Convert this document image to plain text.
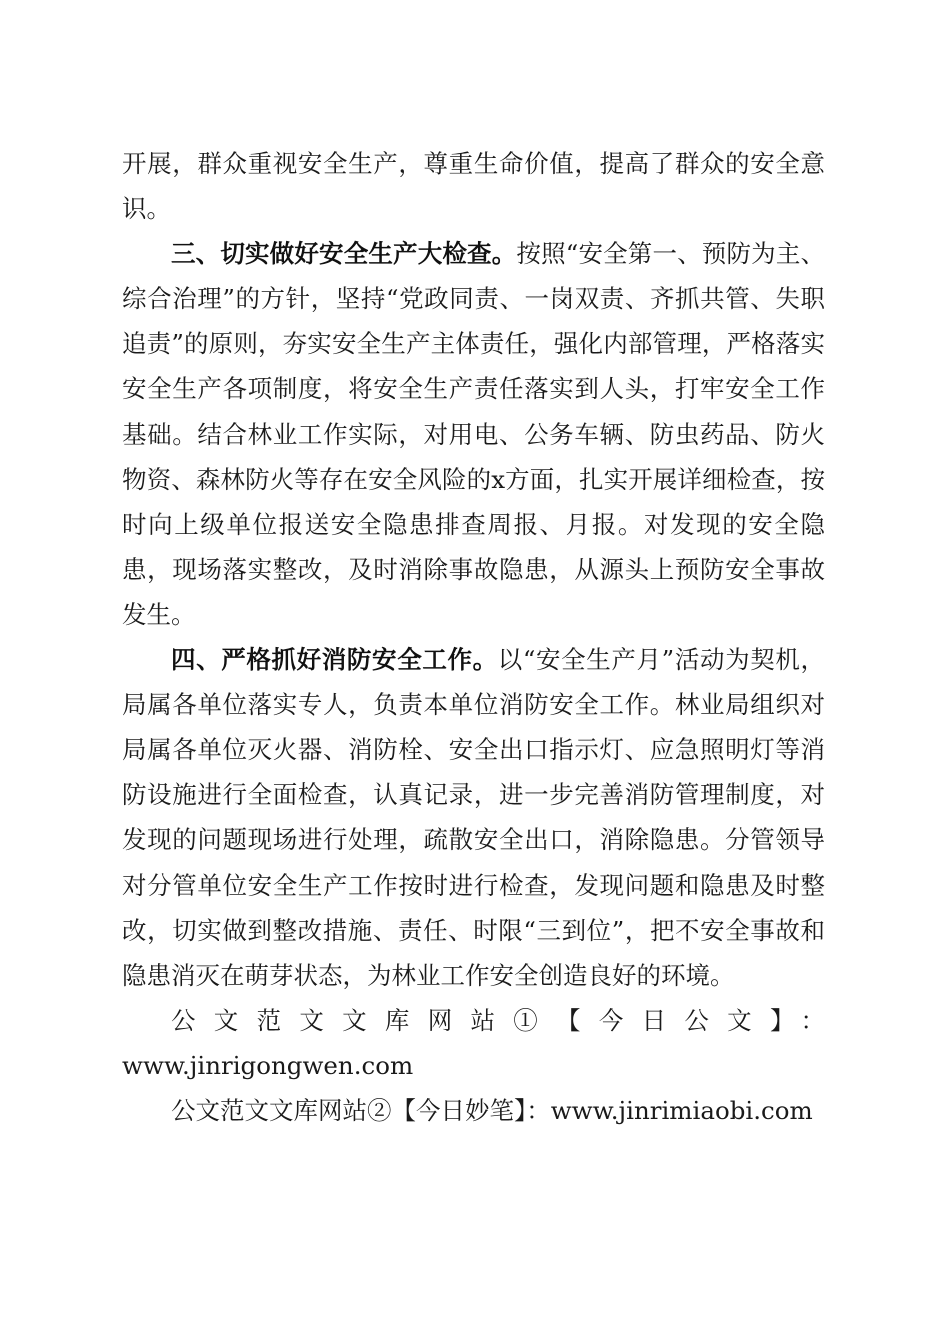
开展，群众重视安全生产，尊重生命价值，提高了群众的安全意识。

三、切实做好安全生产大检查。按照“安全第一、预防为主、综合治理”的方针，坚持“党政同责、一岗双责、齐抓共管、失职追责”的原则，夯实安全生产主体责任，强化内部管理，严格落实安全生产各项制度，将安全生产责任落实到人头，打牢安全工作基础。结合林业工作实际，对用电、公务车辆、防虫药品、防火物资、森林防火等存在安全风险的x方面，扎实开展详细检查，按时向上级单位报送安全隐患排查周报、月报。对发现的安全隐患，现场落实整改，及时消除事故隐患，从源头上预防安全事故发生。

四、严格抓好消防安全工作。以“安全生产月”活动为契机，局属各单位落实专人，负责本单位消防安全工作。林业局组织对局属各单位灭火器、消防栓、安全出口指示灯、应急照明灯等消防设施进行全面检查，认真记录，进一步完善消防管理制度，对发现的问题现场进行处理，疏散安全出口，消除隐患。分管领导对分管单位安全生产工作按时进行检查，发现问题和隐患及时整改，切实做到整改措施、责任、时限“三到位”，把不安全事故和隐患消灭在萌芽状态，为林业工作安全创造良好的环境。

公文范文文库网站①【今日公文】：

www.jinrigongwen.com

公文范文文库网站②【今日妙笔】：www.jinrimiaobi.com
